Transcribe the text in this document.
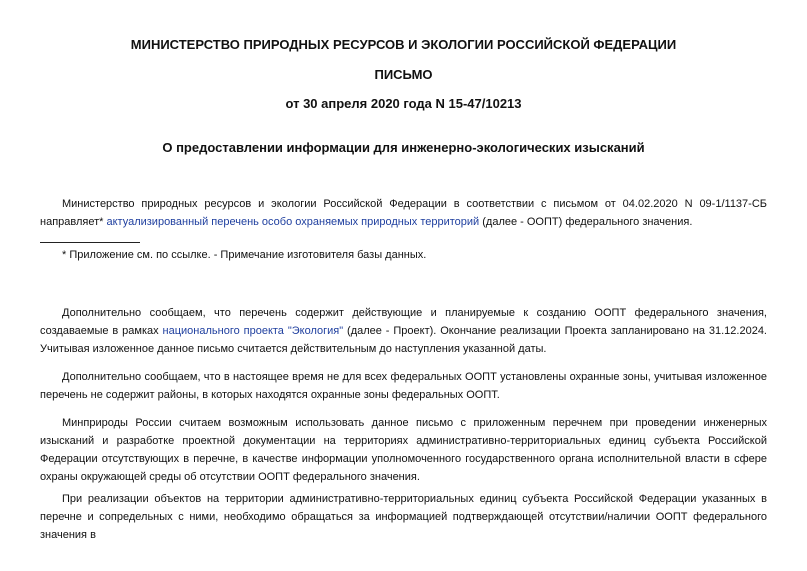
МИНИСТЕРСТВО ПРИРОДНЫХ РЕСУРСОВ И ЭКОЛОГИИ РОССИЙСКОЙ ФЕДЕРАЦИИ
ПИСЬМО
от 30 апреля 2020 года N 15-47/10213
О предоставлении информации для инженерно-экологических изысканий

Министерство природных ресурсов и экологии Российской Федерации в соответствии с письмом от 04.02.2020 N 09-1/1137-СБ направляет* актуализированный перечень особо охраняемых природных территорий (далее - ООПТ) федерального значения.

* Приложение см. по ссылке. - Примечание изготовителя базы данных.

Дополнительно сообщаем, что перечень содержит действующие и планируемые к созданию ООПТ федерального значения, создаваемые в рамках национального проекта "Экология" (далее - Проект). Окончание реализации Проекта запланировано на 31.12.2024. Учитывая изложенное данное письмо считается действительным до наступления указанной даты.

Дополнительно сообщаем, что в настоящее время не для всех федеральных ООПТ установлены охранные зоны, учитывая изложенное перечень не содержит районы, в которых находятся охранные зоны федеральных ООПТ.

Минприроды России считаем возможным использовать данное письмо с приложенным перечнем при проведении инженерных изысканий и разработке проектной документации на территориях административно-территориальных единиц субъекта Российской Федерации отсутствующих в перечне, в качестве информации уполномоченного государственного органа исполнительной власти в сфере охраны окружающей среды об отсутствии ООПТ федерального значения.

При реализации объектов на территории административно-территориальных единиц субъекта Российской Федерации указанных в перечне и сопредельных с ними, необходимо обращаться за информацией подтверждающей отсутствии/наличии ООПТ федерального значения в
